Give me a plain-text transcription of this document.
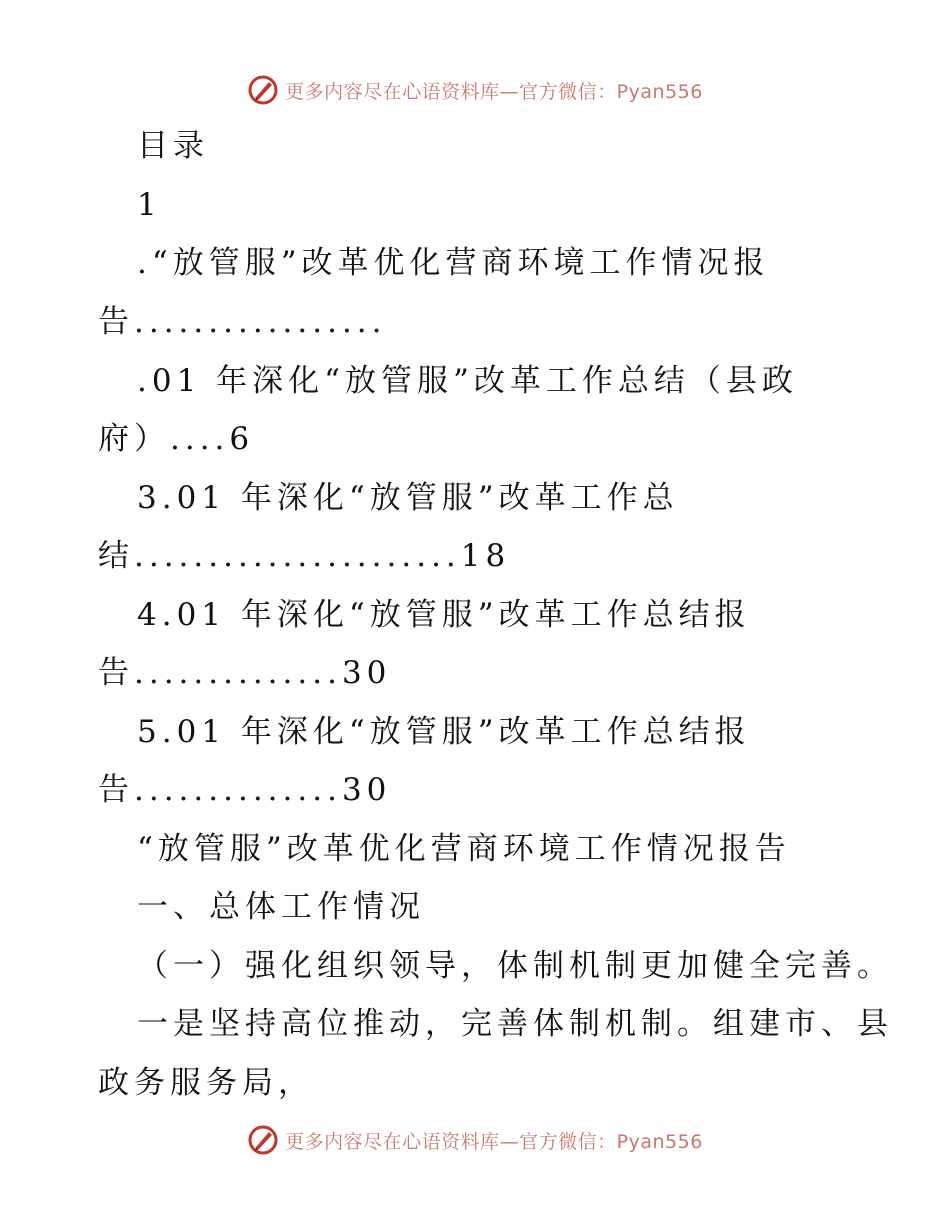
更多内容尽在心语资料库—官方微信：Pyan556
目录
1
.“放管服”改革优化营商环境工作情况报
告.................
.01 年深化“放管服”改革工作总结（县政
府）....6
3.01 年深化“放管服”改革工作总
结......................18
4.01 年深化“放管服”改革工作总结报
告..............30
5.01 年深化“放管服”改革工作总结报
告..............30
“放管服”改革优化营商环境工作情况报告
一、总体工作情况
（一）强化组织领导，体制机制更加健全完善。
一是坚持高位推动，完善体制机制。组建市、县
政务服务局，
更多内容尽在心语资料库—官方微信：Pyan556
